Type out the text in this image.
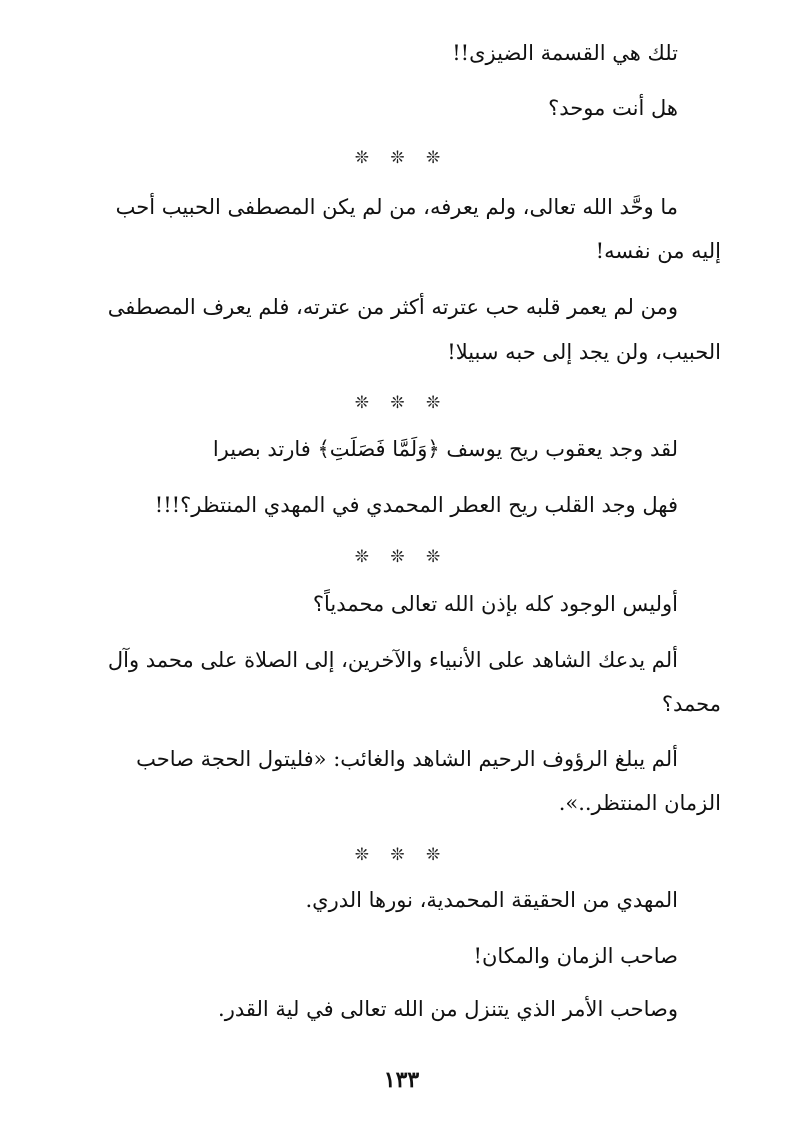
تلك هي القسمة الضيزى!!
هل أنت موحد؟
❊ ❊ ❊
ما وحَّد الله تعالى، ولم يعرفه، من لم يكن المصطفى الحبيب أحب
إليه من نفسه!
ومن لم يعمر قلبه حب عترته أكثر من عترته، فلم يعرف المصطفى
الحبيب، ولن يجد إلى حبه سبيلا!
❊ ❊ ❊
لقد وجد يعقوب ريح يوسف ﴿وَلَمَّا فَصَلَتِ﴾ فارتد بصيرا
فهل وجد القلب ريح العطر المحمدي في المهدي المنتظر؟!!!
❊ ❊ ❊
أوليس الوجود كله بإذن الله تعالى محمدياً؟
ألم يدعك الشاهد على الأنبياء والآخرين، إلى الصلاة على محمد وآل
محمد؟
ألم يبلغ الرؤوف الرحيم الشاهد والغائب: «فليتول الحجة صاحب
الزمان المنتظر..».
❊ ❊ ❊
المهدي من الحقيقة المحمدية، نورها الدري.
صاحب الزمان والمكان!
وصاحب الأمر الذي يتنزل من الله تعالى في لية القدر.
١٣٣
